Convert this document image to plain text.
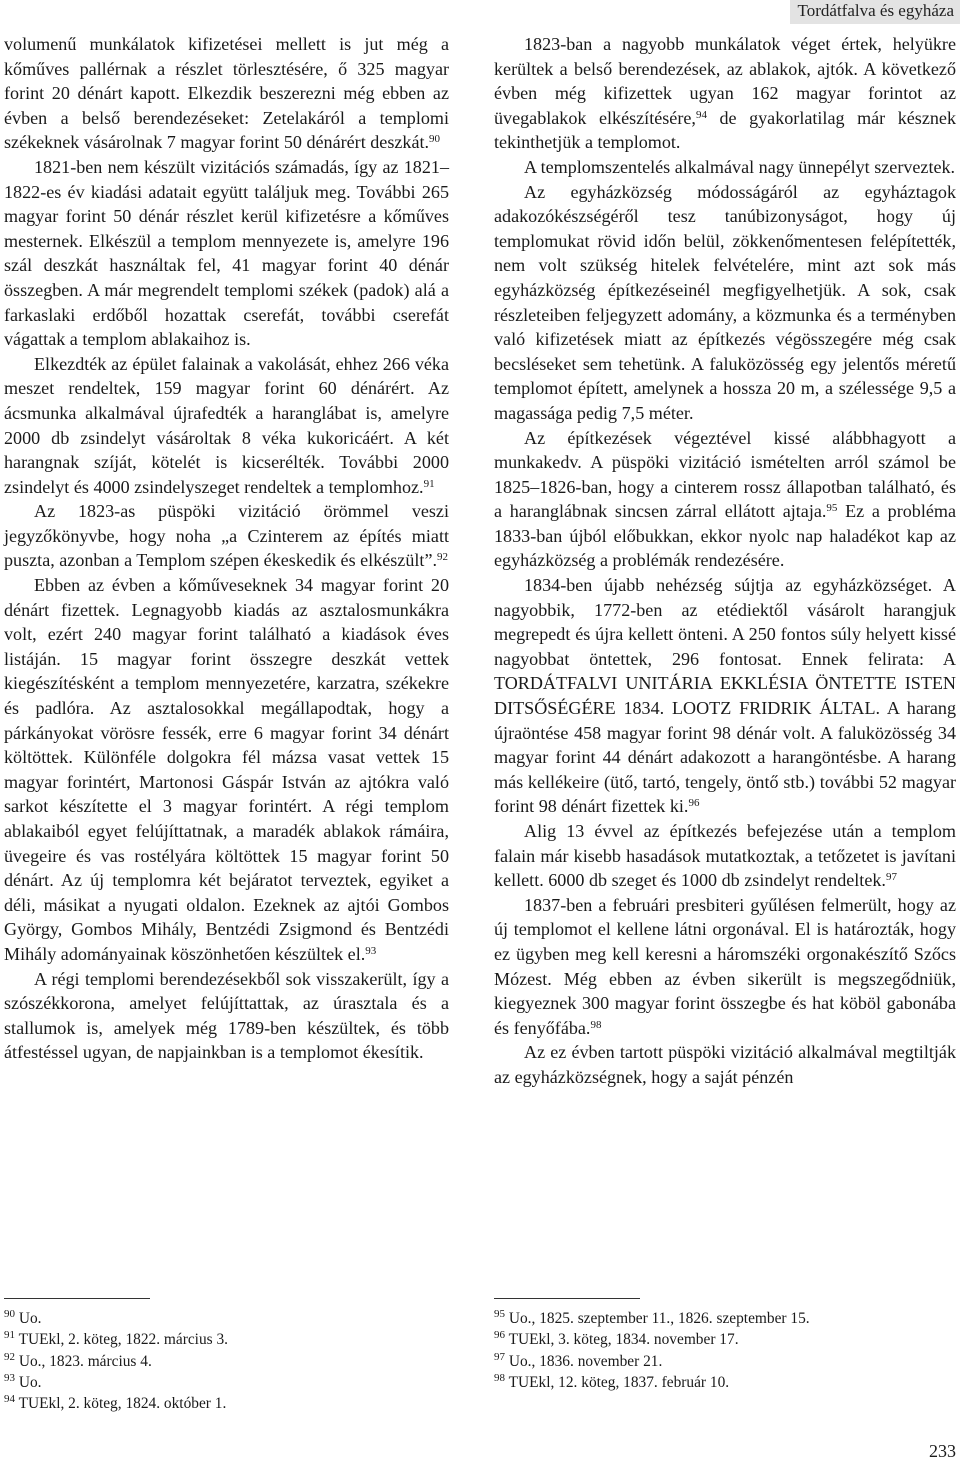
Tordátfalva és egyháza

volumenű munkálatok kifizetései mellett is jut még a kőműves pallérnak a részlet törlesztésére, ő 325 magyar forint 20 dénárt kapott. Elkezdik beszerezni még ebben az évben a belső berendezéseket: Zetelakáról a templomi székeknek vásárolnak 7 magyar forint 50 dénárért deszkát.$^{90}$

1821-ben nem készült vizitációs számadás, így az 1821–1822-es év kiadási adatait együtt találjuk meg. További 265 magyar forint 50 dénár részlet kerül kifizetésre a kőműves mesternek. Elkészül a templom mennyezete is, amelyre 196 szál deszkát használtak fel, 41 magyar forint 40 dénár összegben. A már megrendelt templomi székek (padok) alá a farkaslaki erdőből hozattak cserefát, további cserefát vágattak a templom ablakaihoz is.

Elkezdték az épület falainak a vakolását, ehhez 266 véka meszet rendeltek, 159 magyar forint 60 dénárért. Az ácsmunka alkalmával újrafedték a haranglábat is, amelyre 2000 db zsindelyt vásároltak 8 véka kukoricáért. A két harangnak szíját, kötelét is kicserélték. További 2000 zsindelyt és 4000 zsindelyszeget rendeltek a templomhoz.$^{91}$

Az 1823-as püspöki vizitáció örömmel veszi jegyzőkönyvbe, hogy noha „a Czinterem az építés miatt puszta, azonban a Templom szépen ékeskedik és elkészült”.$^{92}$

Ebben az évben a kőműveseknek 34 magyar forint 20 dénárt fizettek. Legnagyobb kiadás az asztalosmunkákra volt, ezért 240 magyar forint található a kiadások éves listáján. 15 magyar forint összegre deszkát vettek kiegészítésként a templom mennyezetére, karzatra, székekre és padlóra. Az asztalosokkal megállapodtak, hogy a párkányokat vörösre fessék, erre 6 magyar forint 34 dénárt költöttek. Különféle dolgokra fél mázsa vasat vettek 15 magyar forintért, Martonosi Gáspár István az ajtókra való sarkot készítette el 3 magyar forintért. A régi templom ablakaiból egyet felújíttatnak, a maradék ablakok rámáira, üvegeire és vas rostélyára költöttek 15 magyar forint 50 dénárt. Az új templomra két bejáratot terveztek, egyiket a déli, másikat a nyugati oldalon. Ezeknek az ajtói Gombos György, Gombos Mihály, Bentzédi Zsigmond és Bentzédi Mihály adományainak köszönhetően készültek el.$^{93}$

A régi templomi berendezésekből sok visszakerült, így a szószékkorona, amelyet felújíttattak, az úrasztala és a stallumok is, amelyek még 1789-ben készültek, és több átfestéssel ugyan, de napjainkban is a templomot ékesítik.

1823-ban a nagyobb munkálatok véget értek, helyükre kerültek a belső berendezések, az ablakok, ajtók. A következő évben még kifizettek ugyan 162 magyar forintot az üvegablakok elkészítésére,$^{94}$ de gyakorlatilag már késznek tekinthetjük a templomot.

A templomszentelés alkalmával nagy ünnepélyt szerveztek.

Az egyházközség módosságáról az egyháztagok adakozókészségéről tesz tanúbizonyságot, hogy új templomukat rövid időn belül, zökkenőmentesen felépítették, nem volt szükség hitelek felvételére, mint azt sok más egyházközség építkezéseinél megfigyelhetjük. A sok, csak részleteiben feljegyzett adomány, a közmunka és a terményben való kifizetések miatt az építkezés végösszegére még csak becsléseket sem tehetünk. A faluközösség egy jelentős méretű templomot épített, amelynek a hossza 20 m, a szélessége 9,5 a magassága pedig 7,5 méter.

Az építkezések végeztével kissé alábbhagyott a munkakedv. A püspöki vizitáció ismételten arról számol be 1825–1826-ban, hogy a cinterem rossz állapotban található, és a haranglábnak sincsen zárral ellátott ajtaja.$^{95}$ Ez a probléma 1833-ban újból előbukkan, ekkor nyolc nap haladékot kap az egyházközség a problémák rendezésére.

1834-ben újabb nehézség sújtja az egyházközséget. A nagyobbik, 1772-ben az etédiektől vásárolt harangjuk megrepedt és újra kellett önteni. A 250 fontos súly helyett kissé nagyobbat öntettek, 296 fontosat. Ennek felirata: A TORDÁTFALVI UNITÁRIA EKKLÉSIA ÖNTETTE ISTEN DITSŐSÉGÉRE 1834. LOOTZ FRIDRIK ÁLTAL. A harang újraöntése 458 magyar forint 98 dénár volt. A faluközösség 34 magyar forint 44 dénárt adakozott a harangöntésbe. A harang más kellékeire (ütő, tartó, tengely, öntő stb.) további 52 magyar forint 98 dénárt fizettek ki.$^{96}$

Alig 13 évvel az építkezés befejezése után a templom falain már kisebb hasadások mutatkoztak, a tetőzetet is javítani kellett. 6000 db szeget és 1000 db zsindelyt rendeltek.$^{97}$

1837-ben a februári presbiteri gyűlésen felmerült, hogy az új templomot el kellene látni orgonával. El is határozták, hogy ez ügyben meg kell keresni a háromszéki orgonakészítő Szőcs Mózest. Még ebben az évben sikerült is megszegődniük, kiegyeznek 300 magyar forint összegbe és hat köböl gabonába és fenyőfába.$^{98}$

Az ez évben tartott püspöki vizitáció alkalmával megtiltják az egyházközségnek, hogy a saját pénzén

$^{90}$ Uo.
$^{91}$ TUEkl, 2. köteg, 1822. március 3.
$^{92}$ Uo., 1823. március 4.
$^{93}$ Uo.
$^{94}$ TUEkl, 2. köteg, 1824. október 1.
$^{95}$ Uo., 1825. szeptember 11., 1826. szeptember 15.
$^{96}$ TUEkl, 3. köteg, 1834. november 17.
$^{97}$ Uo., 1836. november 21.
$^{98}$ TUEkl, 12. köteg, 1837. február 10.
233
